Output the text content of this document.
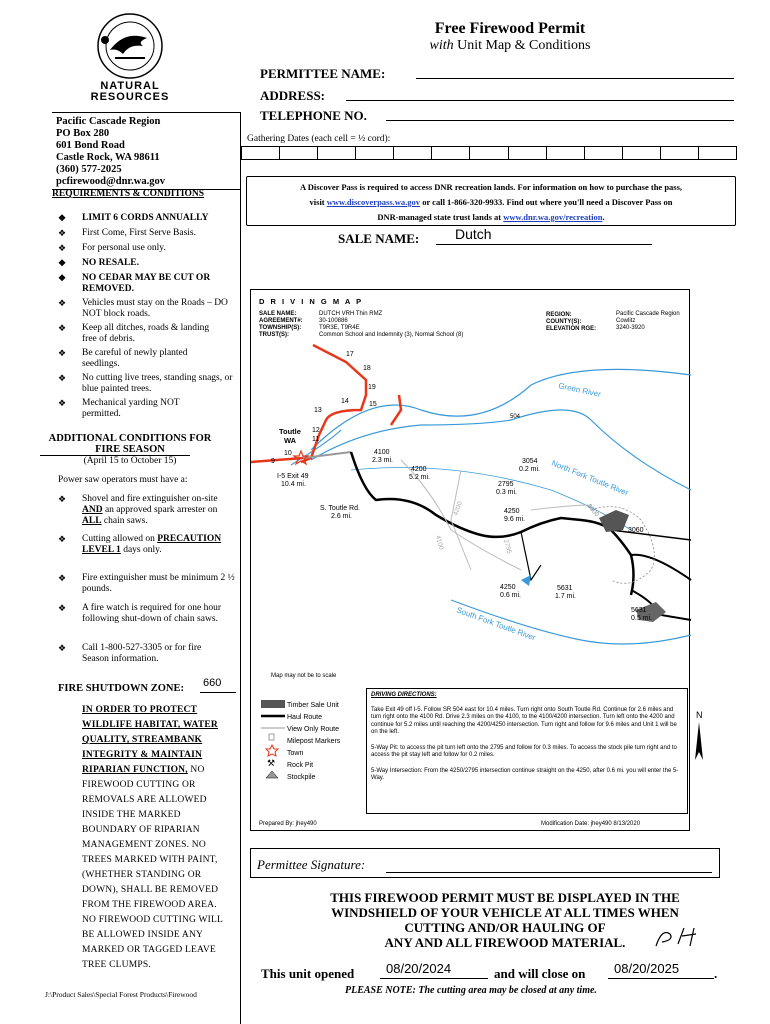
NATURAL
RESOURCES
Free Firewood Permit
with Unit Map & Conditions
PERMITTEE NAME:
ADDRESS:
TELEPHONE NO.
Gathering Dates (each cell = ½ cord):
Pacific Cascade Region
PO Box 280
601 Bond Road
Castle Rock, WA 98611
(360) 577-2025
pcfirewood@dnr.wa.gov
REQUIREMENTS & CONDITIONS
❖ LIMIT 6 CORDS ANNUALLY
❖ First Come, First Serve Basis.
❖ For personal use only.
❖ NO RESALE.
❖ NO CEDAR MAY BE CUT OR REMOVED.
❖ Vehicles must stay on the Roads – DO NOT block roads.
❖ Keep all ditches, roads & landing free of debris.
❖ Be careful of newly planted seedlings.
❖ No cutting live trees, standing snags, or blue painted trees.
❖ Mechanical yarding NOT permitted.
ADDITIONAL CONDITIONS FOR
FIRE SEASON
(April 15 to October 15)
Power saw operators must have a:
❖ Shovel and fire extinguisher on-site AND an approved spark arrester on ALL chain saws.
❖ Cutting allowed on PRECAUTION LEVEL 1 days only.
❖ Fire extinguisher must be minimum 2 ½ pounds.
❖ A fire watch is required for one hour following shut-down of chain saws.
❖ Call 1-800-527-3305 or for fire Season information.
FIRE SHUTDOWN ZONE: 660
IN ORDER TO PROTECT
WILDLIFE HABITAT, WATER
QUALITY, STREAMBANK
INTEGRITY & MAINTAIN
RIPARIAN FUNCTION, NO
FIREWOOD CUTTING OR
REMOVALS ARE ALLOWED
INSIDE THE MARKED
BOUNDARY OF RIPARIAN
MANAGEMENT ZONES. NO
TREES MARKED WITH PAINT,
(WHETHER STANDING OR
DOWN), SHALL BE REMOVED
FROM THE FIREWOOD AREA.
NO FIREWOOD CUTTING WILL
BE ALLOWED INSIDE ANY
MARKED OR TAGGED LEAVE
TREE CLUMPS.
J:\Product Sales\Special Forest Products\Firewood
A Discover Pass is required to access DNR recreation lands. For information on how to purchase the pass,
visit www.discoverpass.wa.gov or call 1-866-320-9933. Find out where you'll need a Discover Pass on
DNR-managed state trust lands at www.dnr.wa.gov/recreation.
SALE NAME:	Dutch
D R I V I N G M A P
SALE NAME:	DUTCH VRH Thin RMZ
AGREEMENT#:	30-100886
TOWNSHIP(S):	T9R3E, T9R4E
TRUST(S):	Common School and Indemnity (3), Normal School (8)
REGION:	Pacific Cascade Region
COUNTY(S):	Cowlitz
ELEVATION RGE:	3240-3920
Green River
North Fork Toutle River
South Fork Toutle River
Toutle
WA
I-5 Exit 49
10.4 mi.
S. Toutle Rd.
2.6 mi.
4100
2.3 mi.
4200
5.2 mi.
3054
0.2 mi.
2795
0.3 mi.
4250
9.6 mi.
3060
4250
0.6 mi.
5631
1.7 mi.
5631
0.5 mi.
3000
4100
4200
2795
504
9
10
11
12
13
14	15
17
18
19
Map may not be to scale
⚒
Timber Sale Unit
Haul Route
View Only Route
Milepost Markers
Town
Rock Pit
Stockpile
Prepared By: jhey490	Modification Date: jhey490 8/13/2020
N
DRIVING DIRECTIONS:
Take Exit 49 off I-5. Follow SR 504 east for 10.4 miles. Turn right onto South Toutle Rd. Continue for 2.6 miles and turn right onto the 4100 Rd. Drive 2.3 miles on the 4100, to the 4100/4200 intersection. Turn left onto the 4200 and continue for 5.2 miles until reaching the 4200/4250 intersection. Turn right and follow for 9.6 miles and Unit 1 will be on the left.
5-Way Pit: to access the pit turn left onto the 2795 and follow for 0.3 miles. To access the stock pile turn right and to access the pit stay left and follow for 0.2 miles.
5-Way Intersection: From the 4250/2795 intersection continue straight on the 4250, after 0.6 mi. you will enter the 5-Way.
Permittee Signature:
THIS FIREWOOD PERMIT MUST BE DISPLAYED IN THE
WINDSHIELD OF YOUR VEHICLE AT ALL TIMES WHEN
CUTTING AND/OR HAULING OF
ANY AND ALL FIREWOOD MATERIAL.
This unit opened 08/20/2024	and will close on 08/20/2025	.
PLEASE NOTE: The cutting area may be closed at any time.
